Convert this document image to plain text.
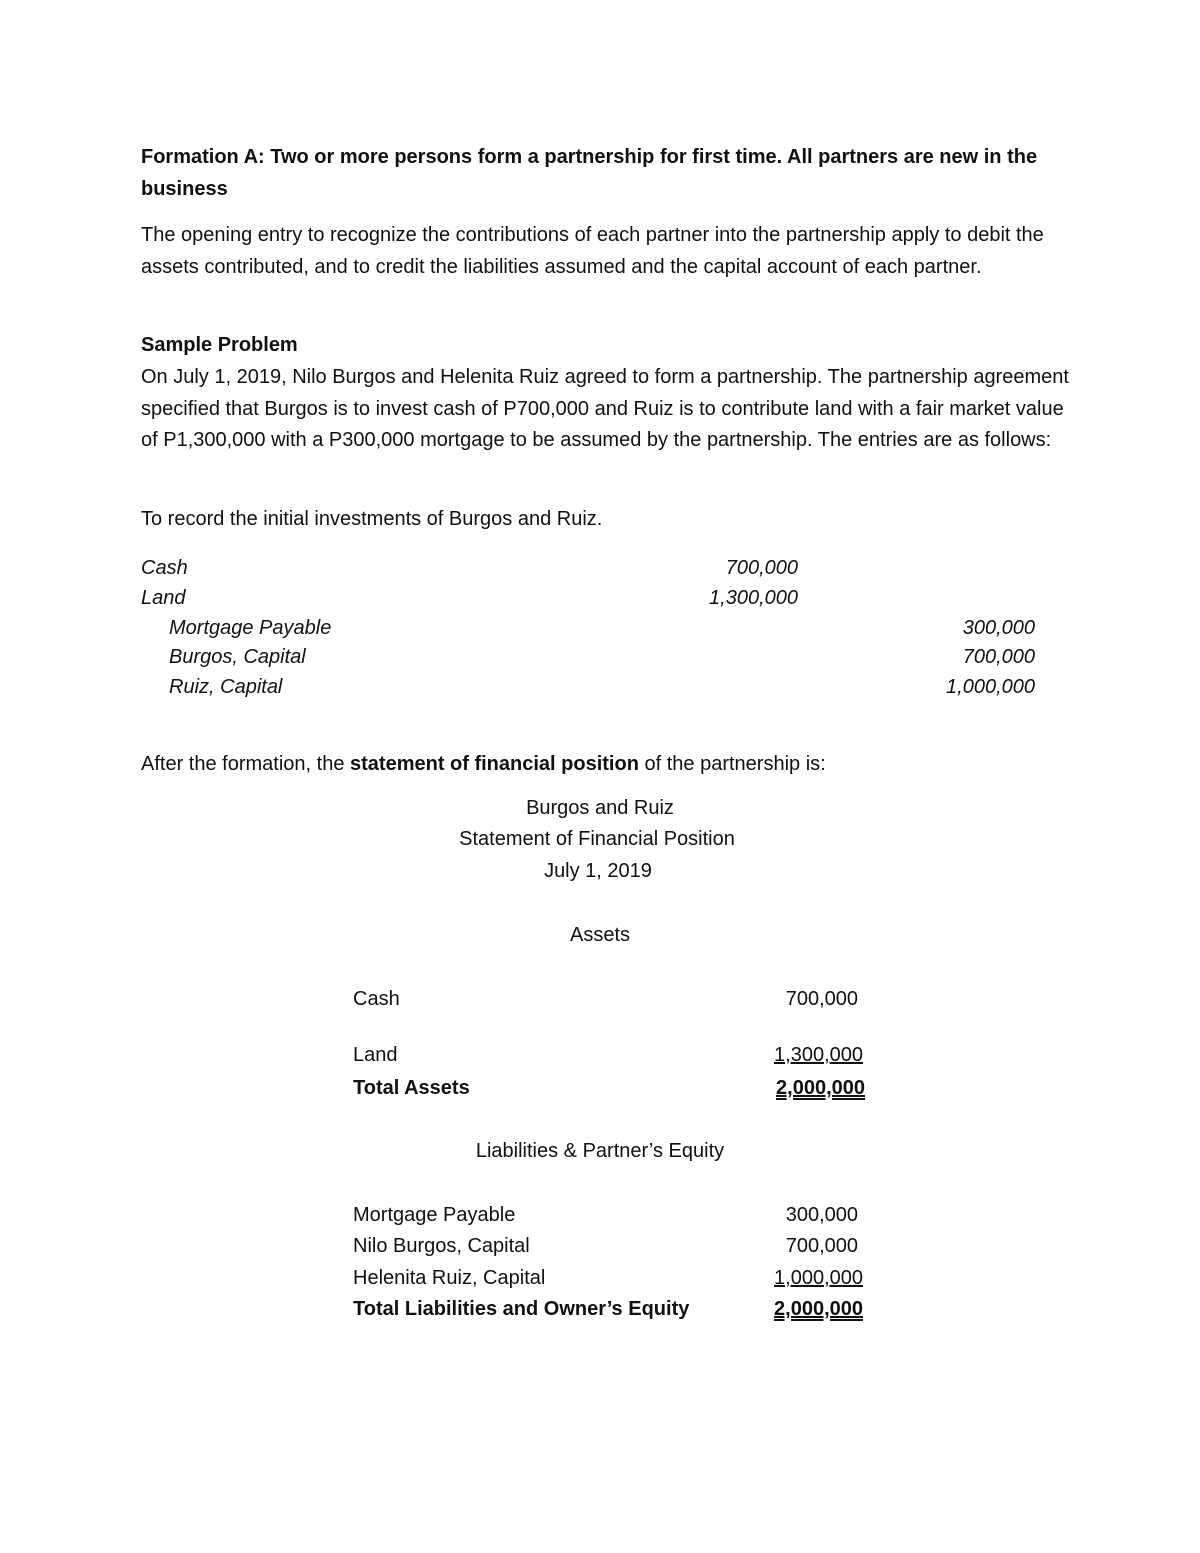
Formation A: Two or more persons form a partnership for first time. All partners are new in the business
The opening entry to recognize the contributions of each partner into the partnership apply to debit the assets contributed, and to credit the liabilities assumed and the capital account of each partner.
Sample Problem
On July 1, 2019, Nilo Burgos and Helenita Ruiz agreed to form a partnership. The partnership agreement specified that Burgos is to invest cash of P700,000 and Ruiz is to contribute land with a fair market value of P1,300,000 with a P300,000 mortgage to be assumed by the partnership. The entries are as follows:
To record the initial investments of Burgos and Ruiz.
Cash	700,000
Land	1,300,000
Mortgage Payable	300,000
Burgos, Capital	700,000
Ruiz, Capital	1,000,000
After the formation, the statement of financial position of the partnership is:
Burgos and Ruiz
Statement of Financial Position
July 1, 2019
Assets
Cash	700,000
Land	1,300,000
Total Assets	2,000,000
Liabilities & Partner’s Equity
Mortgage Payable	300,000
Nilo Burgos, Capital	700,000
Helenita Ruiz, Capital	1,000,000
Total Liabilities and Owner’s Equity	2,000,000
